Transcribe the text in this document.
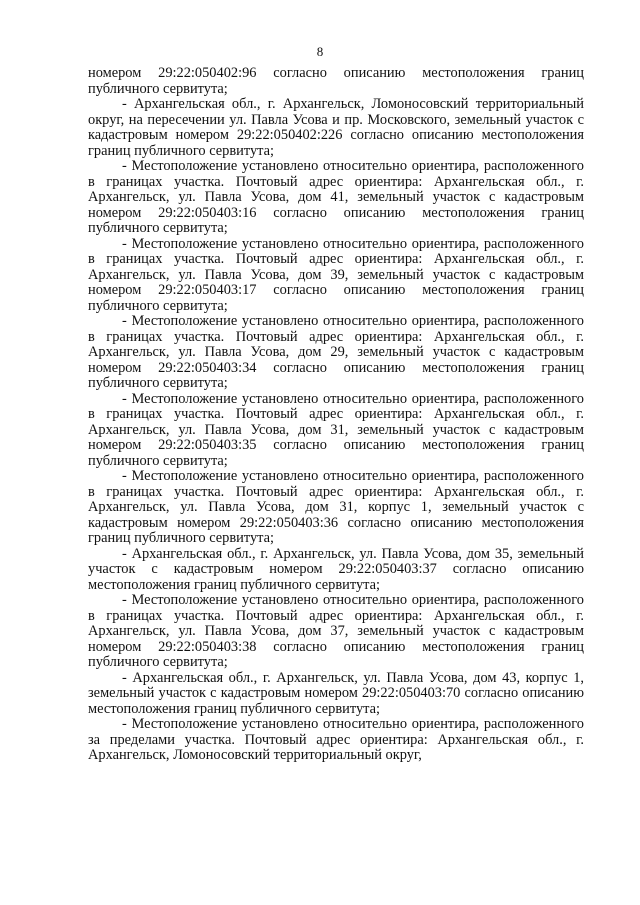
8

номером 29:22:050402:96 согласно описанию местоположения границ публичного сервитута;

- Архангельская обл., г. Архангельск, Ломоносовский территориальный округ, на пересечении ул. Павла Усова и пр. Московского, земельный участок с кадастровым номером 29:22:050402:226 согласно описанию местоположения границ публичного сервитута;

- Местоположение установлено относительно ориентира, расположенного в границах участка. Почтовый адрес ориентира: Архангельская обл., г. Архангельск, ул. Павла Усова, дом 41, земельный участок с кадастровым номером 29:22:050403:16 согласно описанию местоположения границ публичного сервитута;

- Местоположение установлено относительно ориентира, расположенного в границах участка. Почтовый адрес ориентира: Архангельская обл., г. Архангельск, ул. Павла Усова, дом 39, земельный участок с кадастровым номером 29:22:050403:17 согласно описанию местоположения границ публичного сервитута;

- Местоположение установлено относительно ориентира, расположенного в границах участка. Почтовый адрес ориентира: Архангельская обл., г. Архангельск, ул. Павла Усова, дом 29, земельный участок с кадастровым номером 29:22:050403:34 согласно описанию местоположения границ публичного сервитута;

- Местоположение установлено относительно ориентира, расположенного в границах участка. Почтовый адрес ориентира: Архангельская обл., г. Архангельск, ул. Павла Усова, дом 31, земельный участок с кадастровым номером 29:22:050403:35 согласно описанию местоположения границ публичного сервитута;

- Местоположение установлено относительно ориентира, расположенного в границах участка. Почтовый адрес ориентира: Архангельская обл., г. Архангельск, ул. Павла Усова, дом 31, корпус 1, земельный участок с кадастровым номером 29:22:050403:36 согласно описанию местоположения границ публичного сервитута;

- Архангельская обл., г. Архангельск, ул. Павла Усова, дом 35, земельный участок с кадастровым номером 29:22:050403:37 согласно описанию местоположения границ публичного сервитута;

- Местоположение установлено относительно ориентира, расположенного в границах участка. Почтовый адрес ориентира: Архангельская обл., г. Архангельск, ул. Павла Усова, дом 37, земельный участок с кадастровым номером 29:22:050403:38 согласно описанию местоположения границ публичного сервитута;

- Архангельская обл., г. Архангельск, ул. Павла Усова, дом 43, корпус 1, земельный участок с кадастровым номером 29:22:050403:70 согласно описанию местоположения границ публичного сервитута;

- Местоположение установлено относительно ориентира, расположенного за пределами участка. Почтовый адрес ориентира: Архангельская обл., г. Архангельск, Ломоносовский территориальный округ,
